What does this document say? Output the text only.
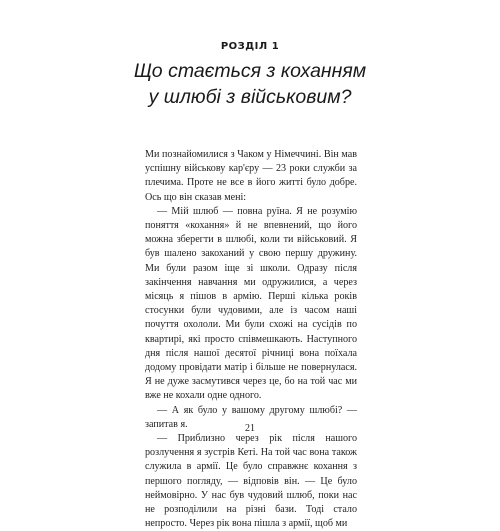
РОЗДІЛ 1
Що стається з коханням
у шлюбі з військовим?

Ми познайомилися з Чаком у Німеччині. Він мав успішну військову кар'єру — 23 роки служби за плечима. Проте не все в його житті було добре. Ось що він сказав мені:

— Мій шлюб — повна руїна. Я не розумію поняття «кохання» й не впевнений, що його можна зберегти в шлюбі, коли ти військовий. Я був шалено закоханий у свою першу дружину. Ми були разом іще зі школи. Одразу після закінчення навчання ми одружилися, а через місяць я пішов в армію. Перші кілька років стосунки були чудовими, але із часом наші почуття охололи. Ми були схожі на сусідів по квартирі, які просто співмешкають. Наступного дня після нашої десятої річниці вона поїхала додому провідати матір і більше не повернулася. Я не дуже засмутився через це, бо на той час ми вже не кохали одне одного.

— А як було у вашому другому шлюбі? — запитав я.

— Приблизно через рік після нашого розлучення я зустрів Кеті. На той час вона також служила в армії. Це було справжнє кохання з першого погляду, — відповів він. — Це було неймовірно. У нас був чудовий шлюб, поки нас не розподілили на різні бази. Тоді стало непросто. Через рік вона пішла з армії, щоб ми

21
